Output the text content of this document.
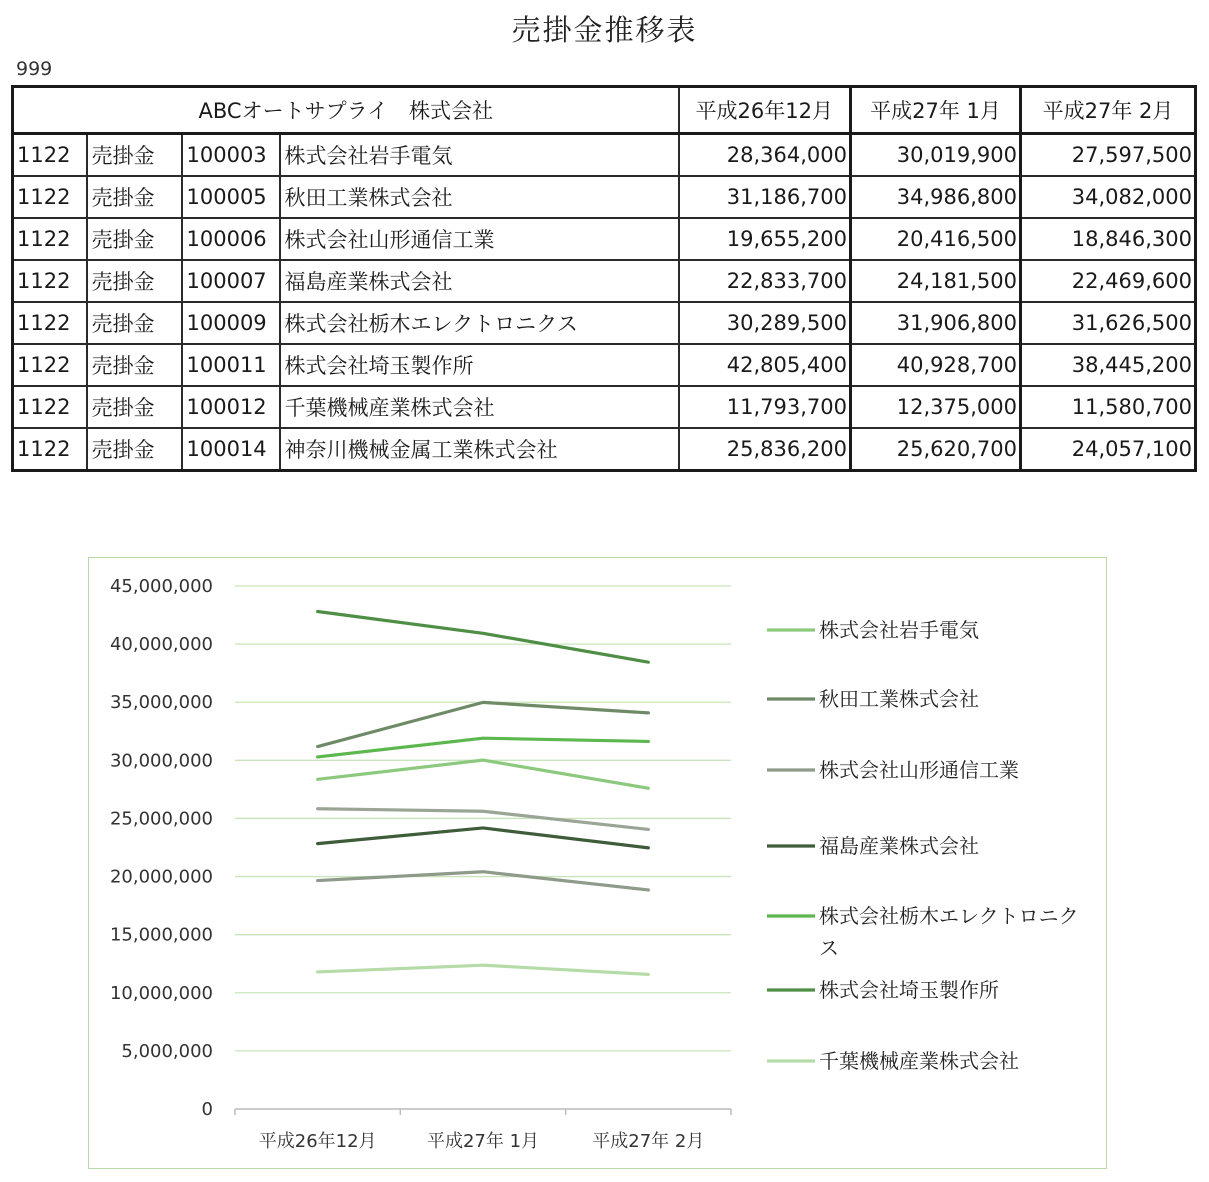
売掛金推移表
999
ABCオートサプライ　株式会社				平成26年12月	平成27年 1月	平成27年 2月
1122	売掛金	100003	株式会社岩手電気	28,364,000	30,019,900	27,597,500
1122	売掛金	100005	秋田工業株式会社	31,186,700	34,986,800	34,082,000
1122	売掛金	100006	株式会社山形通信工業	19,655,200	20,416,500	18,846,300
1122	売掛金	100007	福島産業株式会社	22,833,700	24,181,500	22,469,600
1122	売掛金	100009	株式会社栃木エレクトロニクス	30,289,500	31,906,800	31,626,500
1122	売掛金	100011	株式会社埼玉製作所	42,805,400	40,928,700	38,445,200
1122	売掛金	100012	千葉機械産業株式会社	11,793,700	12,375,000	11,580,700
1122	売掛金	100014	神奈川機械金属工業株式会社	25,836,200	25,620,700	24,057,100
0
5,000,000
10,000,000
15,000,000
20,000,000
25,000,000
30,000,000
35,000,000
40,000,000
45,000,000
平成26年12月	平成27年 1月	平成27年 2月
株式会社岩手電気
秋田工業株式会社
株式会社山形通信工業
福島産業株式会社
株式会社栃木エレクトロニクス
株式会社埼玉製作所
千葉機械産業株式会社
